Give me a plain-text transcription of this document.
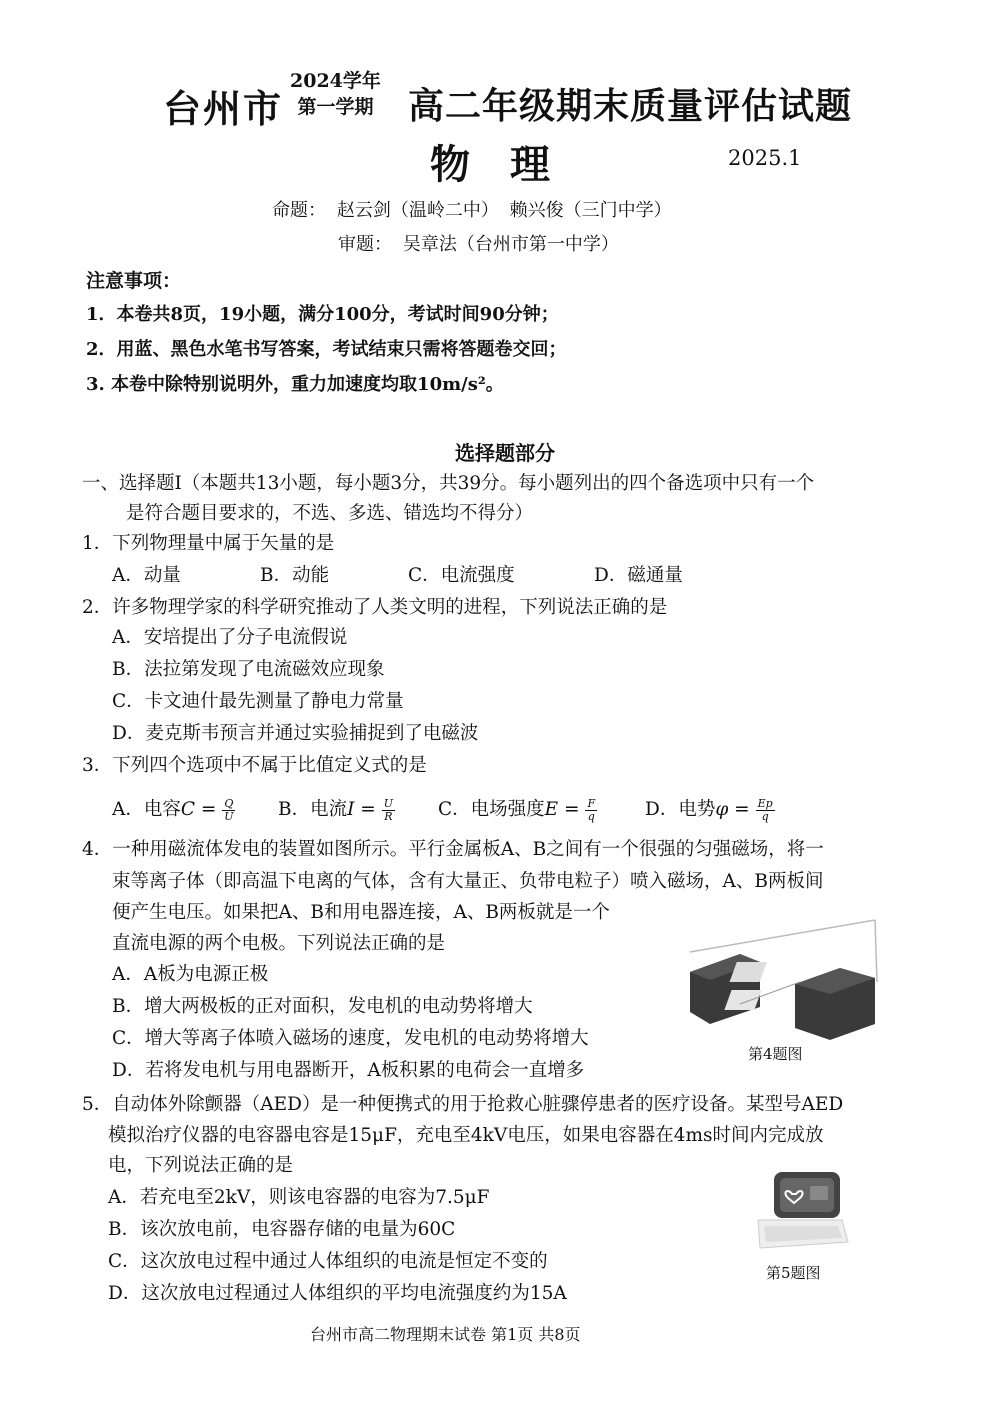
台州市
2024学年
第一学期 高二年级期末质量评估试题
物理	2025.1
命题： 赵云剑（温岭二中） 赖兴俊（三门中学）
审题： 吴章法（台州市第一中学）
注意事项：
1．本卷共8页，19小题，满分100分，考试时间90分钟；
2．用蓝、黑色水笔书写答案，考试结束只需将答题卷交回；
3. 本卷中除特别说明外，重力加速度均取10m/s²。
选择题部分
一、选择题Ⅰ（本题共13小题，每小题3分，共39分。每小题列出的四个备选项中只有一个
是符合题目要求的，不选、多选、错选均不得分）
1．下列物理量中属于矢量的是
A．动量	B．动能	C．电流强度	D．磁通量
2．许多物理学家的科学研究推动了人类文明的进程，下列说法正确的是
A．安培提出了分子电流假说
B．法拉第发现了电流磁效应现象
C．卡文迪什最先测量了静电力常量
D．麦克斯韦预言并通过实验捕捉到了电磁波
3．下列四个选项中不属于比值定义式的是
A．电容$C = \frac{Q}{U}$ B．电流$I = \frac{U}{R}$ C．电场强度$E = \frac{F}{q}$	D．电势$\varphi = \frac{Ep}{q}$
4．一种用磁流体发电的装置如图所示。平行金属板A、B之间有一个很强的匀强磁场，将一
束等离子体（即高温下电离的气体，含有大量正、负带电粒子）喷入磁场，A、B两板间
便产生电压。如果把A、B和用电器连接，A、B两板就是一个
直流电源的两个电极。下列说法正确的是
A．A板为电源正极
B．增大两极板的正对面积，发电机的电动势将增大
C．增大等离子体喷入磁场的速度，发电机的电动势将增大
D．若将发电机与用电器断开，A板积累的电荷会一直增多
第4题图
5．自动体外除颤器（AED）是一种便携式的用于抢救心脏骤停患者的医疗设备。某型号AED
模拟治疗仪器的电容器电容是15μF，充电至4kV电压，如果电容器在4ms时间内完成放
电，下列说法正确的是
A．若充电至2kV，则该电容器的电容为7.5μF
B．该次放电前，电容器存储的电量为60C
C．这次放电过程中通过人体组织的电流是恒定不变的
D．这次放电过程通过人体组织的平均电流强度约为15A
第5题图
台州市高二物理期末试卷 第1页 共8页
